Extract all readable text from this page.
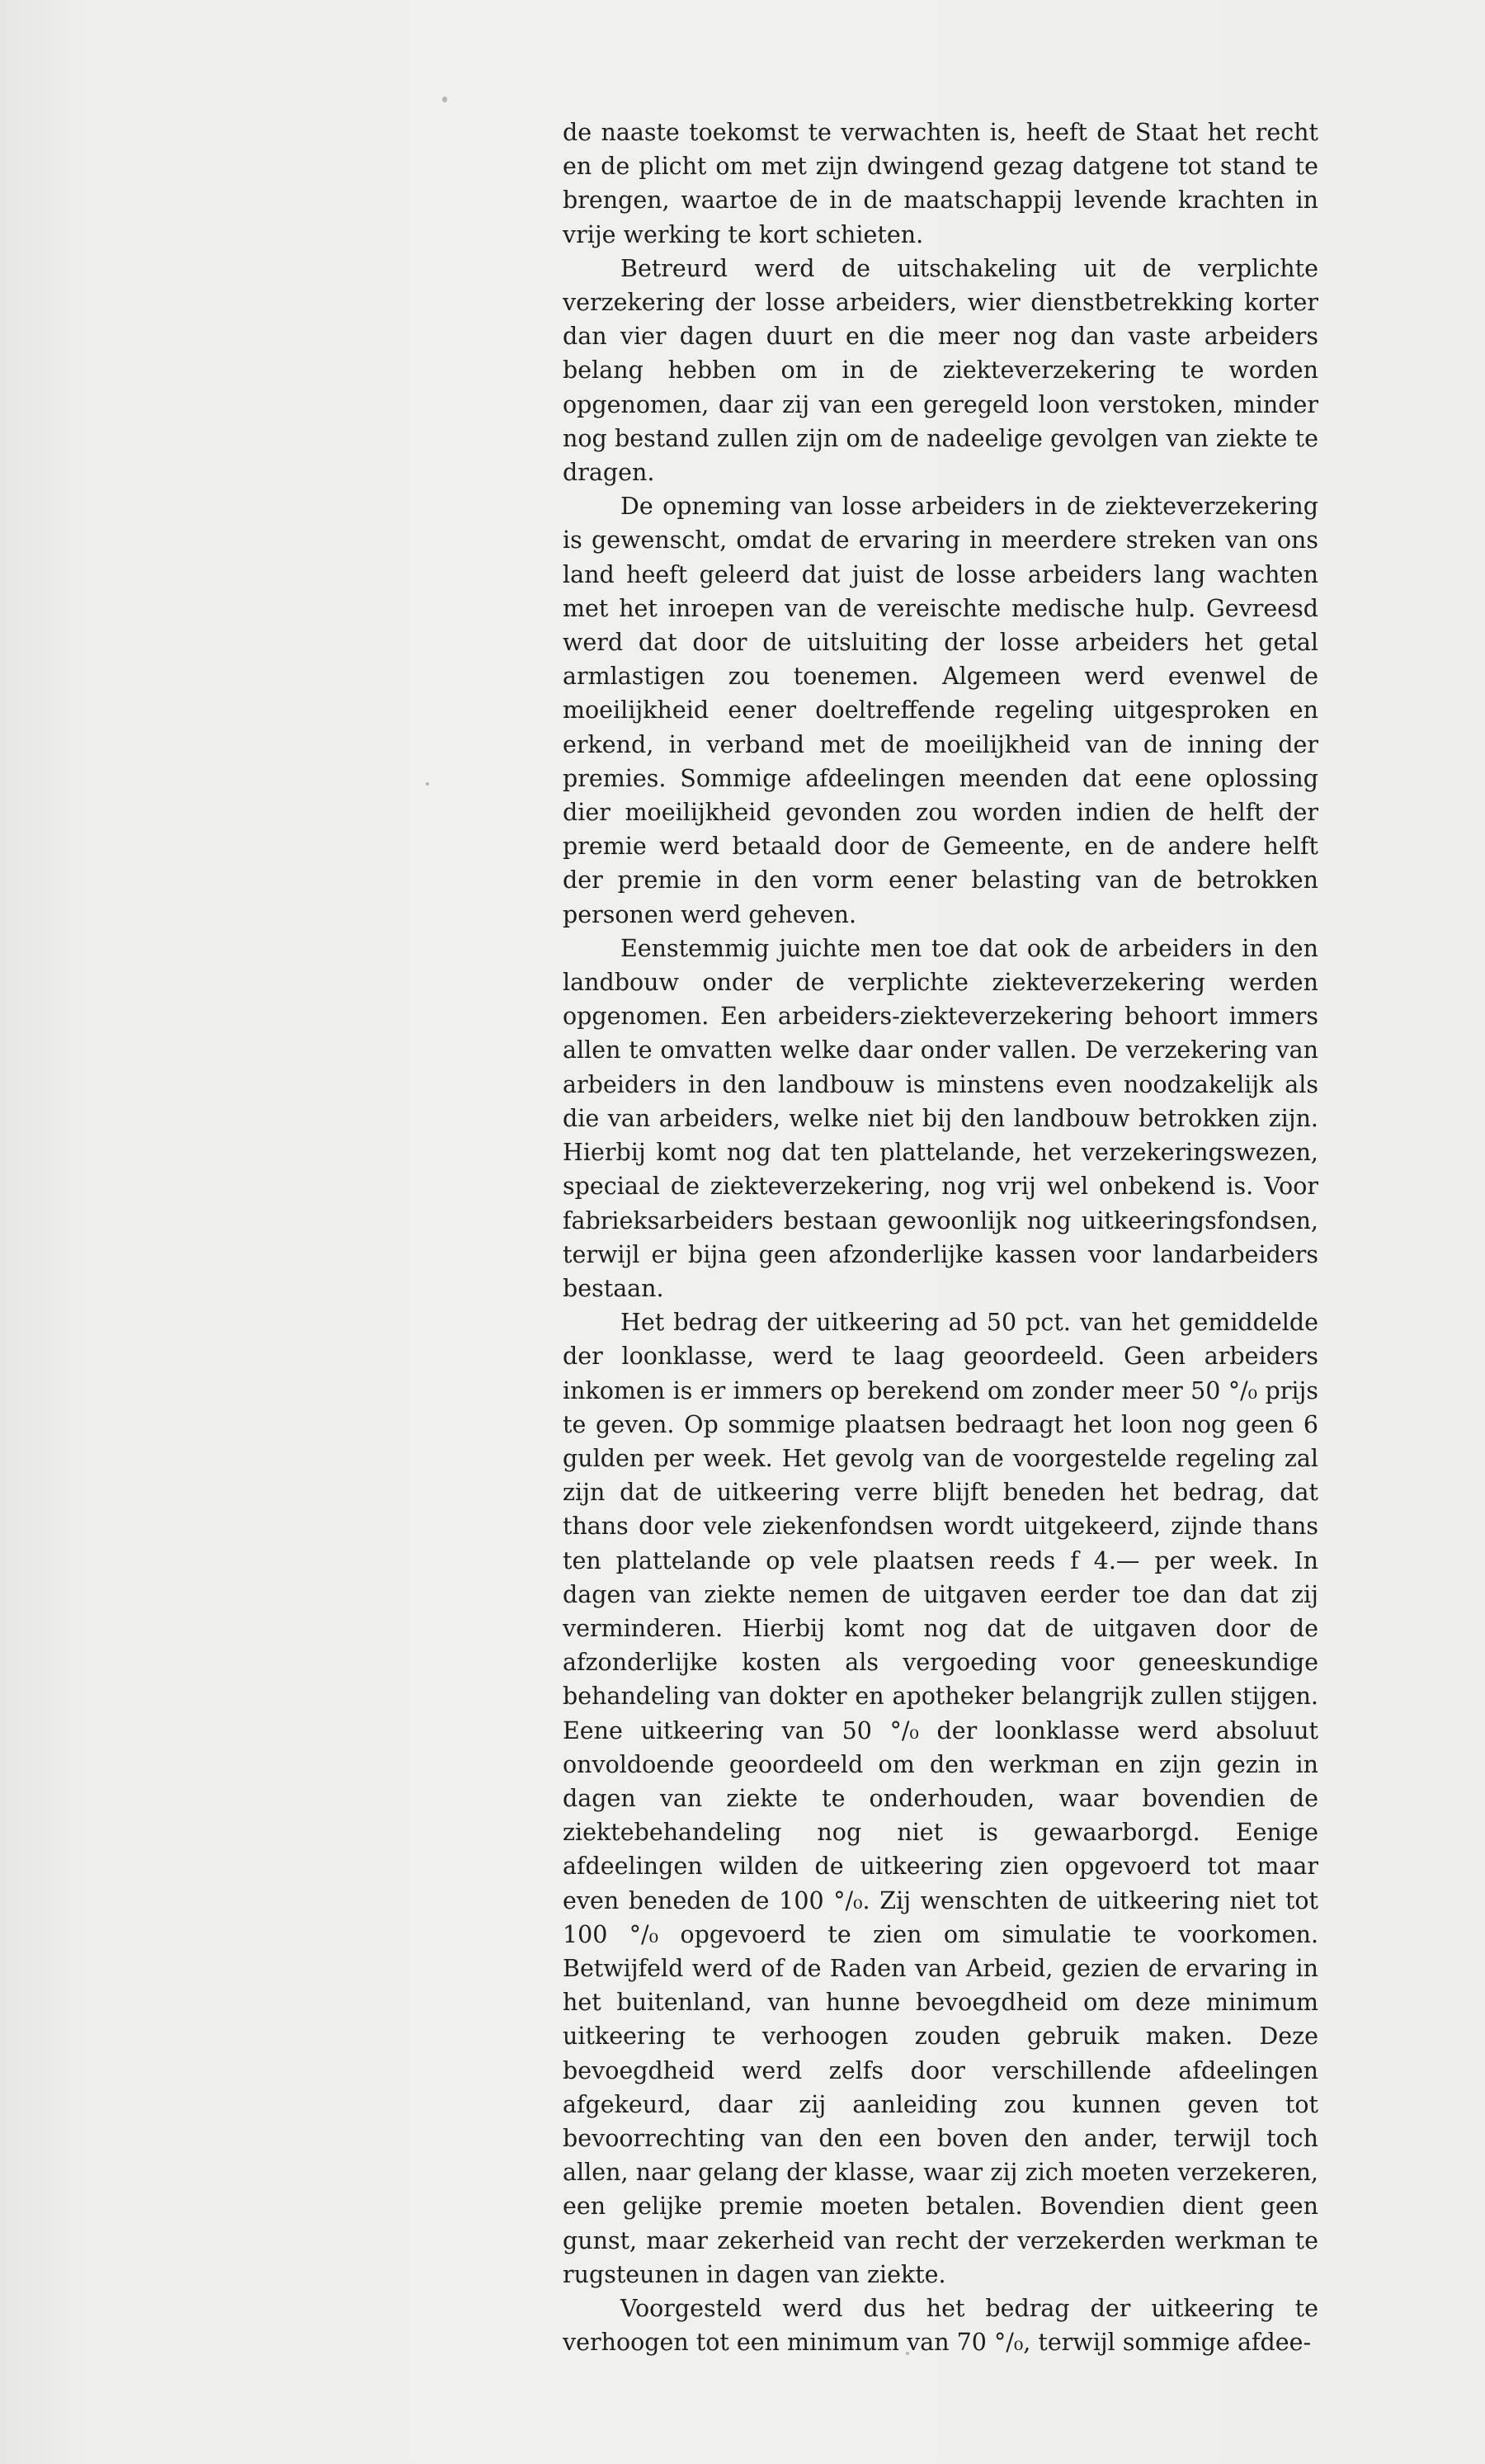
de naaste toekomst te verwachten is, heeft de Staat het recht en de plicht om met zijn dwingend gezag datgene tot stand te brengen, waartoe de in de maatschappij levende krachten in vrije werking te kort schieten.

Betreurd werd de uitschakeling uit de verplichte verzekering der losse arbeiders, wier dienstbetrekking korter dan vier dagen duurt en die meer nog dan vaste arbeiders belang hebben om in de ziekteverzekering te worden opgenomen, daar zij van een geregeld loon verstoken, minder nog bestand zullen zijn om de nadeelige gevolgen van ziekte te dragen.

De opneming van losse arbeiders in de ziekteverzekering is gewenscht, omdat de ervaring in meerdere streken van ons land heeft geleerd dat juist de losse arbeiders lang wachten met het inroepen van de vereischte medische hulp. Gevreesd werd dat door de uitsluiting der losse arbeiders het getal armlastigen zou toenemen. Algemeen werd evenwel de moeilijkheid eener doeltreffende regeling uitgesproken en erkend, in verband met de moeilijkheid van de inning der premies. Sommige afdeelingen meenden dat eene oplossing dier moeilijkheid gevonden zou worden indien de helft der premie werd betaald door de Gemeente, en de andere helft der premie in den vorm eener belasting van de betrokken personen werd geheven.

Eenstemmig juichte men toe dat ook de arbeiders in den landbouw onder de verplichte ziekteverzekering werden opgenomen. Een arbeiders-ziekteverzekering behoort immers allen te omvatten welke daar onder vallen. De verzekering van arbeiders in den landbouw is minstens even noodzakelijk als die van arbeiders, welke niet bij den landbouw betrokken zijn. Hierbij komt nog dat ten plattelande, het verzekeringswezen, speciaal de ziekteverzekering, nog vrij wel onbekend is. Voor fabrieksarbeiders bestaan gewoonlijk nog uitkeeringsfondsen, terwijl er bijna geen afzonderlijke kassen voor landarbeiders bestaan.

Het bedrag der uitkeering ad 50 pct. van het gemiddelde der loonklasse, werd te laag geoordeeld. Geen arbeiders inkomen is er immers op berekend om zonder meer 50 °/₀ prijs te geven. Op sommige plaatsen bedraagt het loon nog geen 6 gulden per week. Het gevolg van de voorgestelde regeling zal zijn dat de uitkeering verre blijft beneden het bedrag, dat thans door vele ziekenfondsen wordt uitgekeerd, zijnde thans ten plattelande op vele plaatsen reeds f 4.— per week. In dagen van ziekte nemen de uitgaven eerder toe dan dat zij verminderen. Hierbij komt nog dat de uitgaven door de afzonderlijke kosten als vergoeding voor geneeskundige behandeling van dokter en apotheker belangrijk zullen stijgen. Eene uitkeering van 50 °/₀ der loonklasse werd absoluut onvoldoende geoordeeld om den werkman en zijn gezin in dagen van ziekte te onderhouden, waar bovendien de ziektebehandeling nog niet is gewaarborgd. Eenige afdeelingen wilden de uitkeering zien opgevoerd tot maar even beneden de 100 °/₀. Zij wenschten de uitkeering niet tot 100 °/₀ opgevoerd te zien om simulatie te voorkomen. Betwijfeld werd of de Raden van Arbeid, gezien de ervaring in het buitenland, van hunne bevoegdheid om deze minimum uitkeering te verhoogen zouden gebruik maken. Deze bevoegdheid werd zelfs door verschillende afdeelingen afgekeurd, daar zij aanleiding zou kunnen geven tot bevoorrechting van den een boven den ander, terwijl toch allen, naar gelang der klasse, waar zij zich moeten verzekeren, een gelijke premie moeten betalen. Bovendien dient geen gunst, maar zekerheid van recht der verzekerden werkman te rugsteunen in dagen van ziekte.

Voorgesteld werd dus het bedrag der uitkeering te verhoogen tot een minimum van 70 °/₀, terwijl sommige afdee-
